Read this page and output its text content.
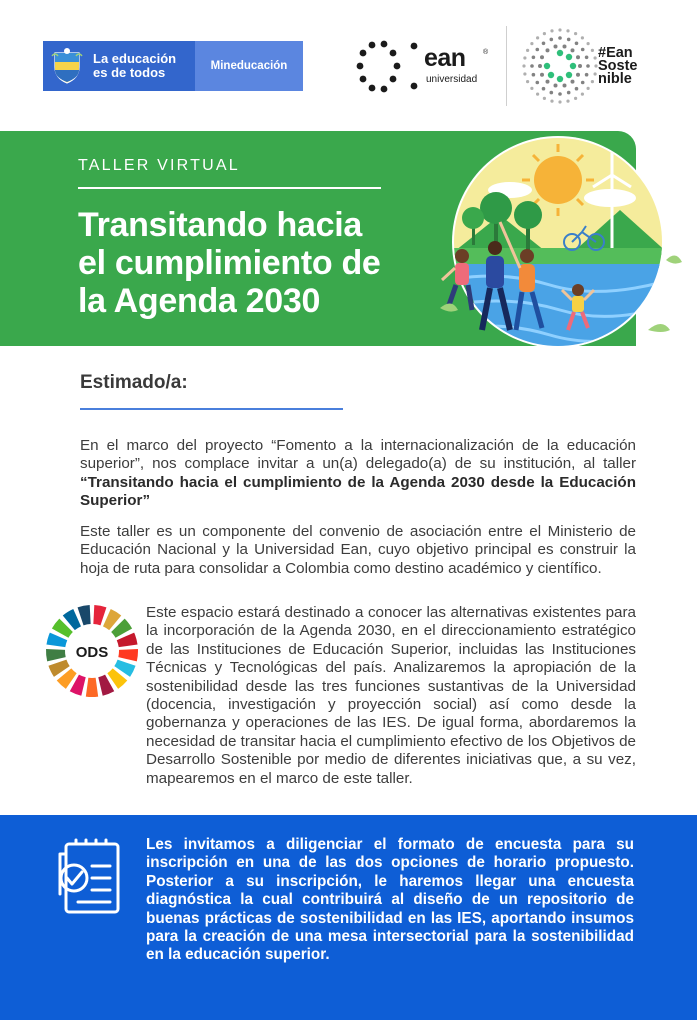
La educación
es de todos	Mineducación	ean ®
universidad
#Ean
Soste
nible
TALLER VIRTUAL
Transitando hacia
el cumplimiento de
la Agenda 2030
Estimado/a:

En el marco del proyecto “Fomento a la internacionalización de la educación superior”, nos complace invitar a un(a) delegado(a) de su institución, al taller “Transitando hacia el cumplimiento de la Agenda 2030 desde la Educación Superior”

Este taller es un componente del convenio de asociación entre el Ministerio de Educación Nacional y la Universidad Ean, cuyo objetivo principal es construir la hoja de ruta para consolidar a Colombia como destino académico y científico.

ODS

Este espacio estará destinado a conocer las alternativas existentes para la incorporación de la Agenda 2030, en el direccionamiento estratégico de las Instituciones de Educación Superior, incluidas las Instituciones Técnicas y Tecnológicas del país. Analizaremos la apropiación de la sostenibilidad desde las tres funciones sustantivas de la Universidad (docencia, investigación y proyección social) así como desde la gobernanza y operaciones de las IES. De igual forma, abordaremos la necesidad de transitar hacia el cumplimiento efectivo de los Objetivos de Desarrollo Sostenible por medio de diferentes iniciativas que, a su vez, mapearemos en el marco de este taller.

Les invitamos a diligenciar el formato de encuesta para su inscripción en una de las dos opciones de horario propuesto. Posterior a su inscripción, le haremos llegar una encuesta diagnóstica la cual contribuirá al diseño de un repositorio de buenas prácticas de sostenibilidad en las IES, aportando insumos para la creación de una mesa intersectorial para la sostenibilidad en la educación superior.
